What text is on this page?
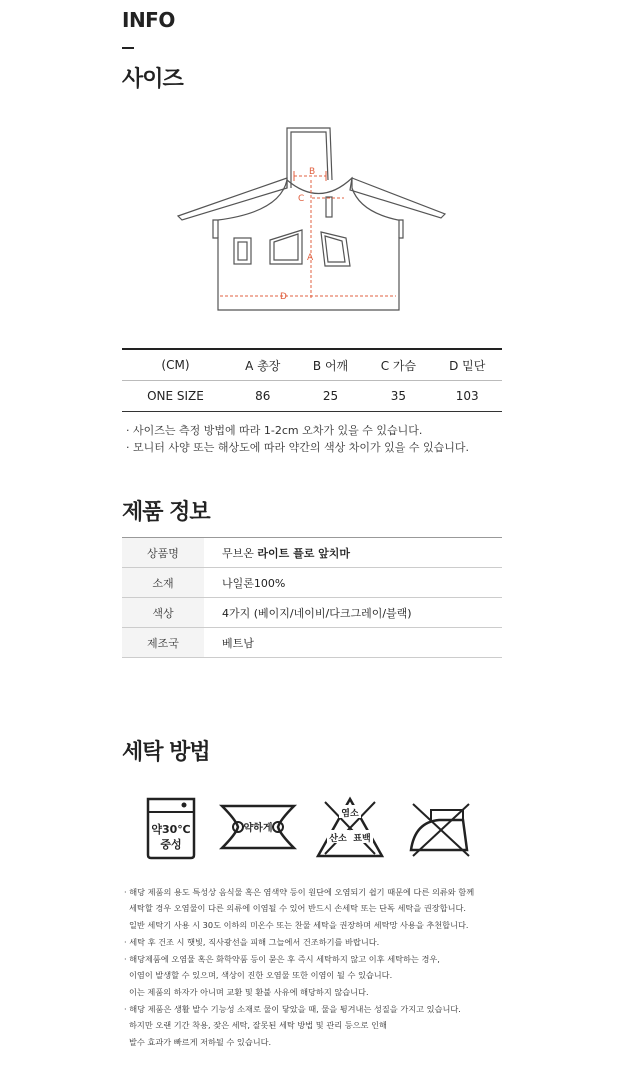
INFO
사이즈
B
C
A
D
(CM)	A 총장	B 어깨	C 가슴	D 밑단
ONE SIZE	86	25	35	103
· 사이즈는 측정 방법에 따라 1-2cm 오차가 있을 수 있습니다.
· 모니터 사양 또는 해상도에 따라 약간의 색상 차이가 있을 수 있습니다.
제품 정보
상품명	무브온 라이트 플로 앞치마
소재	나일론100%
색상	4가지 (베이지/네이비/다크그레이/블랙)
제조국	베트남
세탁 방법
약30℃
중성
약하게
염소
산소 표백

· 해당 제품의 용도 특성상 음식물 혹은 염색약 등이 원단에 오염되기 쉽기 때문에 다른 의류와 함께
세탁할 경우 오염물이 다른 의류에 이염될 수 있어 반드시 손세탁 또는 단독 세탁을 권장합니다.
일반 세탁기 사용 시 30도 이하의 미온수 또는 찬물 세탁을 권장하며 세탁망 사용을 추천합니다.

· 세탁 후 건조 시 햇빛, 직사광선을 피해 그늘에서 건조하기를 바랍니다.

· 해당제품에 오염물 혹은 화학약품 등이 묻은 후 즉시 세탁하지 않고 이후 세탁하는 경우,
이염이 발생할 수 있으며, 색상이 진한 오염물 또한 이염이 될 수 있습니다.
이는 제품의 하자가 아니며 교환 및 환불 사유에 해당하지 않습니다.

· 해당 제품은 생활 발수 기능성 소재로 물이 닿았을 때, 물을 튕겨내는 성질을 가지고 있습니다.
하지만 오랜 기간 착용, 잦은 세탁, 잘못된 세탁 방법 및 관리 등으로 인해
발수 효과가 빠르게 저하될 수 있습니다.
